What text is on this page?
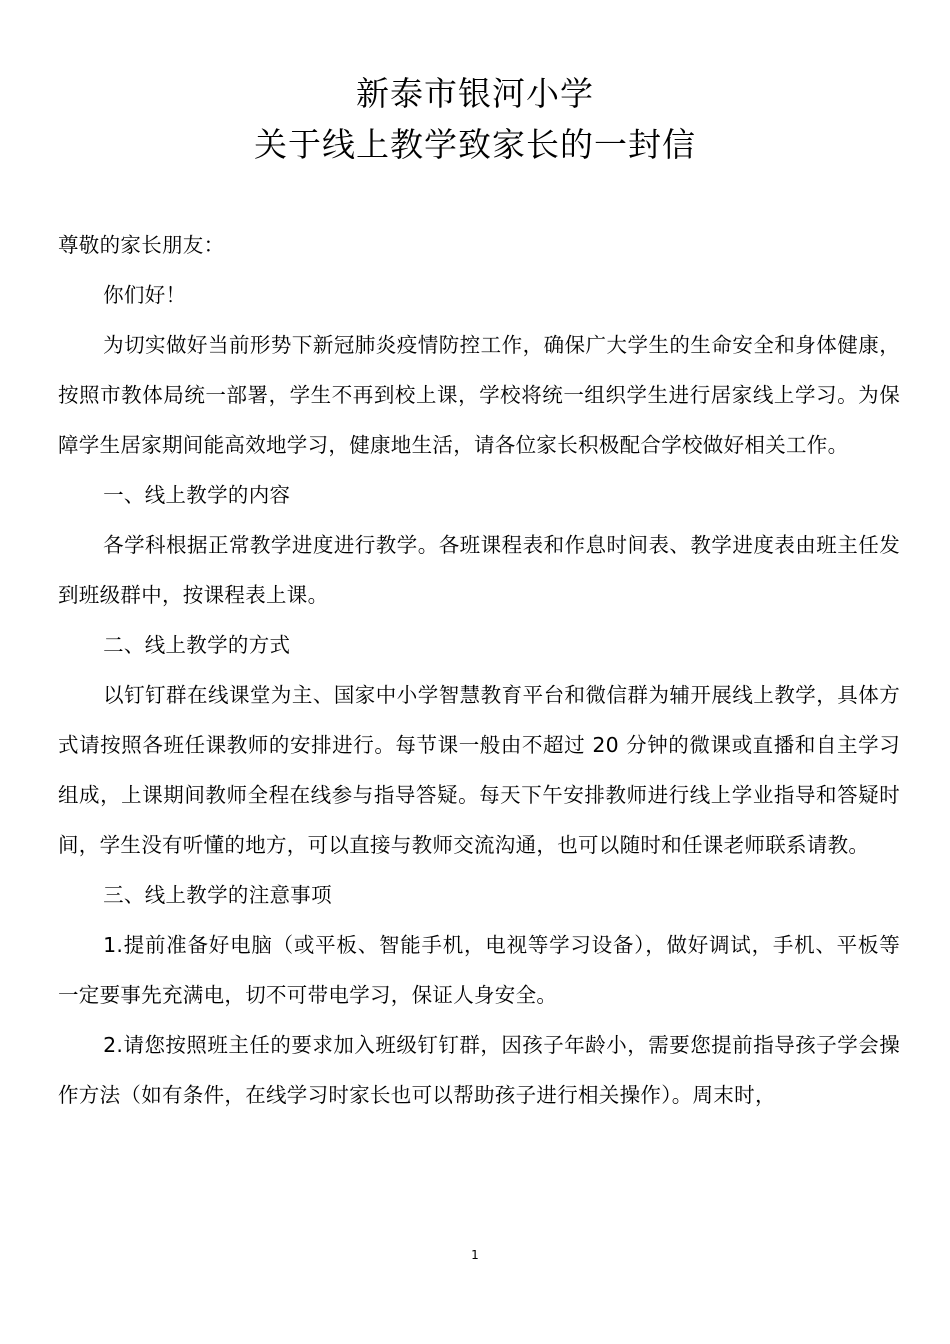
新泰市银河小学
关于线上教学致家长的一封信

尊敬的家长朋友：

你们好！

为切实做好当前形势下新冠肺炎疫情防控工作，确保广大学生的生命安全和身体健康，按照市教体局统一部署，学生不再到校上课，学校将统一组织学生进行居家线上学习。为保障学生居家期间能高效地学习，健康地生活，请各位家长积极配合学校做好相关工作。

一、线上教学的内容

各学科根据正常教学进度进行教学。各班课程表和作息时间表、教学进度表由班主任发到班级群中，按课程表上课。

二、线上教学的方式

以钉钉群在线课堂为主、国家中小学智慧教育平台和微信群为辅开展线上教学，具体方式请按照各班任课教师的安排进行。每节课一般由不超过 20 分钟的微课或直播和自主学习组成，上课期间教师全程在线参与指导答疑。每天下午安排教师进行线上学业指导和答疑时间，学生没有听懂的地方，可以直接与教师交流沟通，也可以随时和任课老师联系请教。

三、线上教学的注意事项

1.提前准备好电脑（或平板、智能手机，电视等学习设备），做好调试，手机、平板等一定要事先充满电，切不可带电学习，保证人身安全。

2.请您按照班主任的要求加入班级钉钉群，因孩子年龄小，需要您提前指导孩子学会操作方法（如有条件，在线学习时家长也可以帮助孩子进行相关操作）。周末时，

1
